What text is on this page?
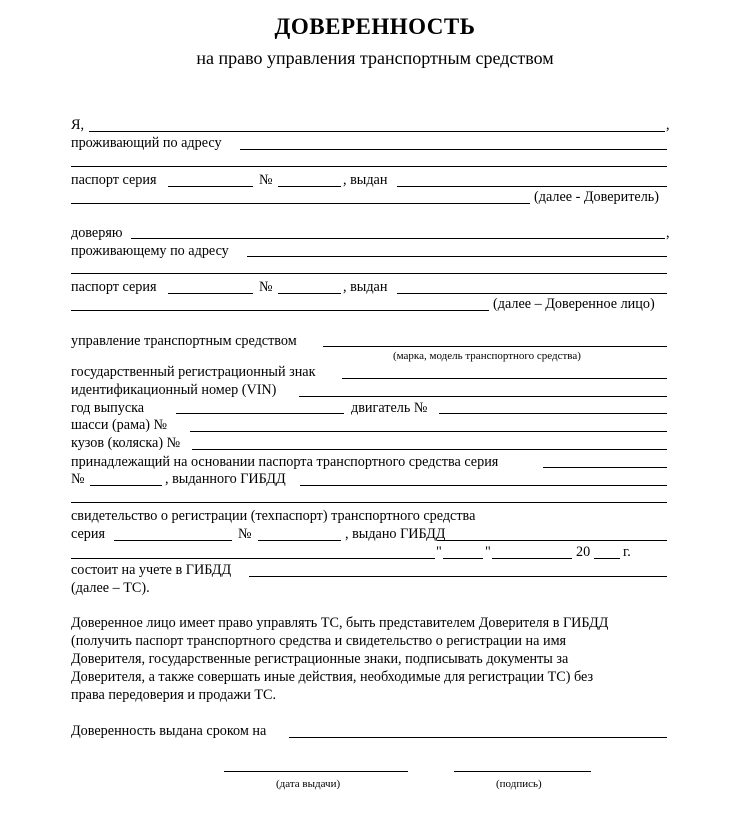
ДОВЕРЕННОСТЬ
на право управления транспортным средством
Я,	,
проживающий по адресу
паспорт серия	№	, выдан
(далее - Доверитель)
доверяю	,
проживающему по адресу
паспорт серия	№	, выдан
(далее – Доверенное лицо)
управление транспортным средством
(марка, модель транспортного средства)
государственный регистрационный знак
идентификационный номер (VIN)
год выпуска	двигатель №
шасси (рама) №
кузов (коляска) №
принадлежащий на основании паспорта транспортного средства серия
№	, выданного ГИБДД
свидетельство о регистрации (техпаспорт) транспортного средства
серия	№	, выдано ГИБДД
"	"	20 г.
состоит на учете в ГИБДД
(далее – ТС).
Доверенное лицо имеет право управлять ТС, быть представителем Доверителя в ГИБДД
(получить паспорт транспортного средства и свидетельство о регистрации на имя
Доверителя, государственные регистрационные знаки, подписывать документы за
Доверителя, а также совершать иные действия, необходимые для регистрации ТС) без
права передоверия и продажи ТС.
Доверенность выдана сроком на
(дата выдачи)	(подпись)
